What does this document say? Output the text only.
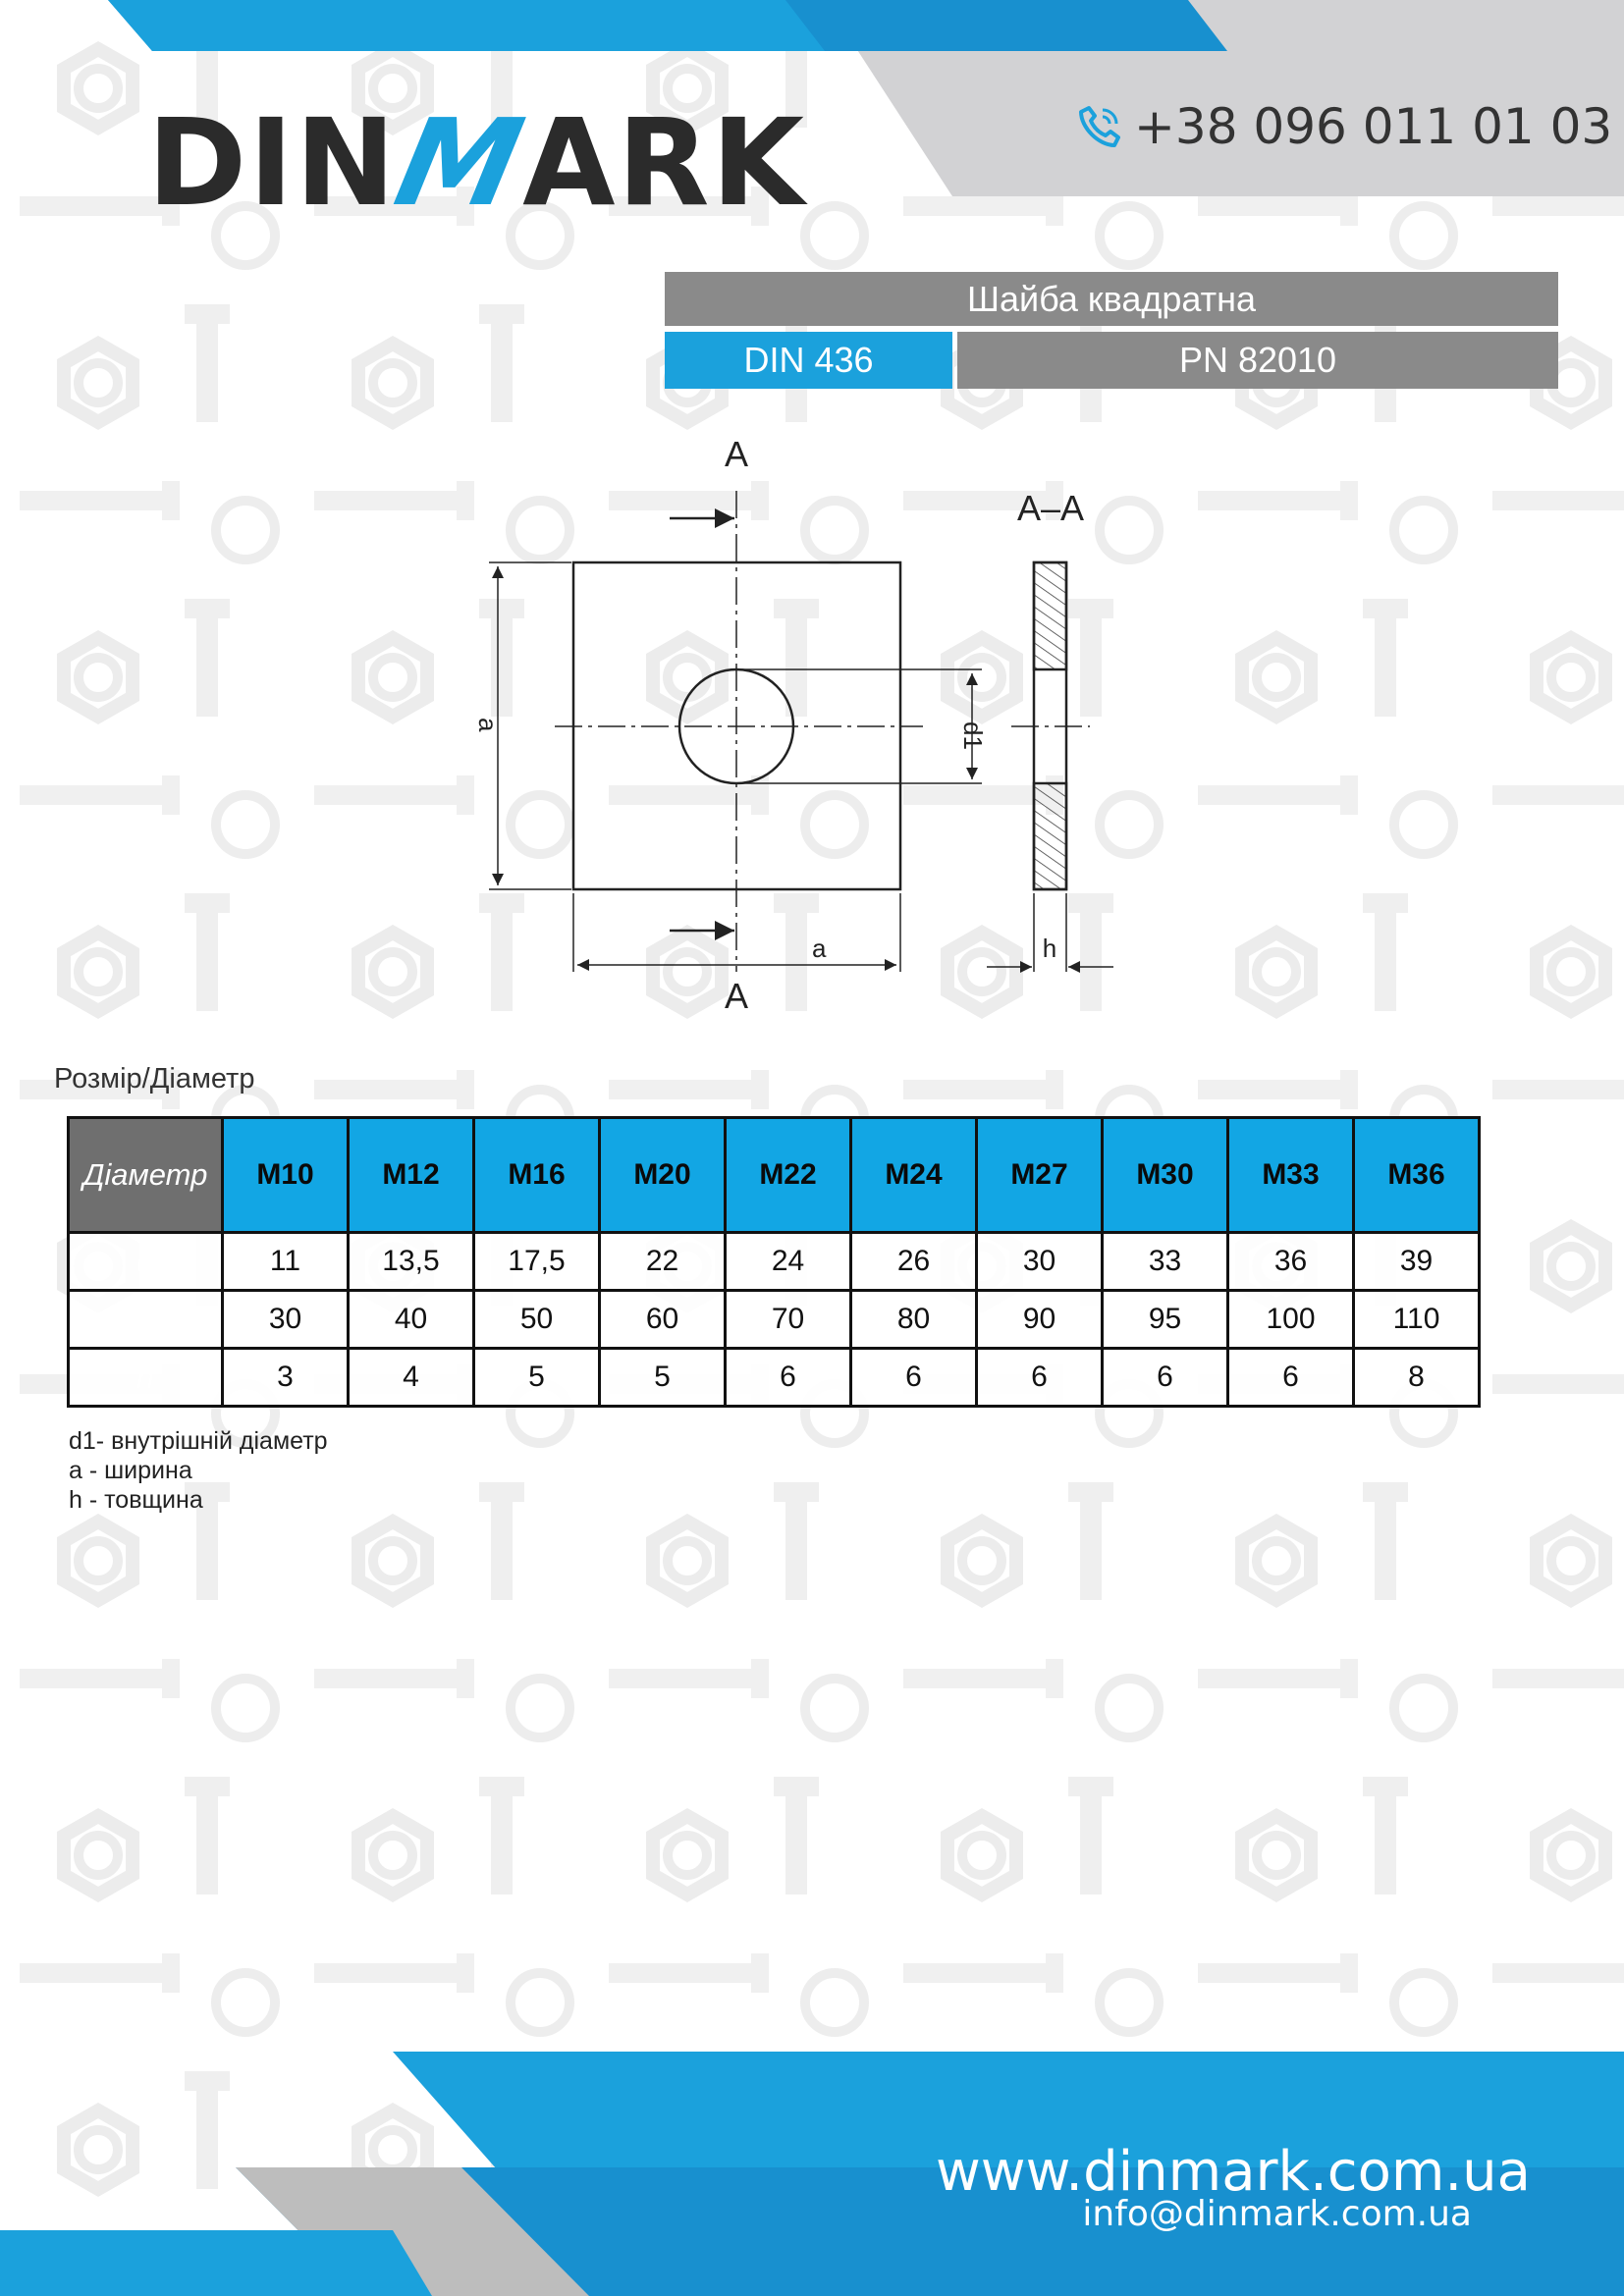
DIN
M
ARK	+38 096 011 01 03
Шайба квадратна
DIN 436	PN 82010
A
A
a
a
d1
A–A
h
Розмір/Діаметр
Діаметр	M10	M12	M16	M20	M22	M24	M27	M30	M33	M36
d	11	13,5	17,5	22	24	26	30	33	36	39
a	30	40	50	60	70	80	90	95	100	110
h	3	4	5	5	6	6	6	6	6	8
d1- внутрішній діаметр
a - ширина
h - товщина
www.dinmark.com.ua
info@dinmark.com.ua
